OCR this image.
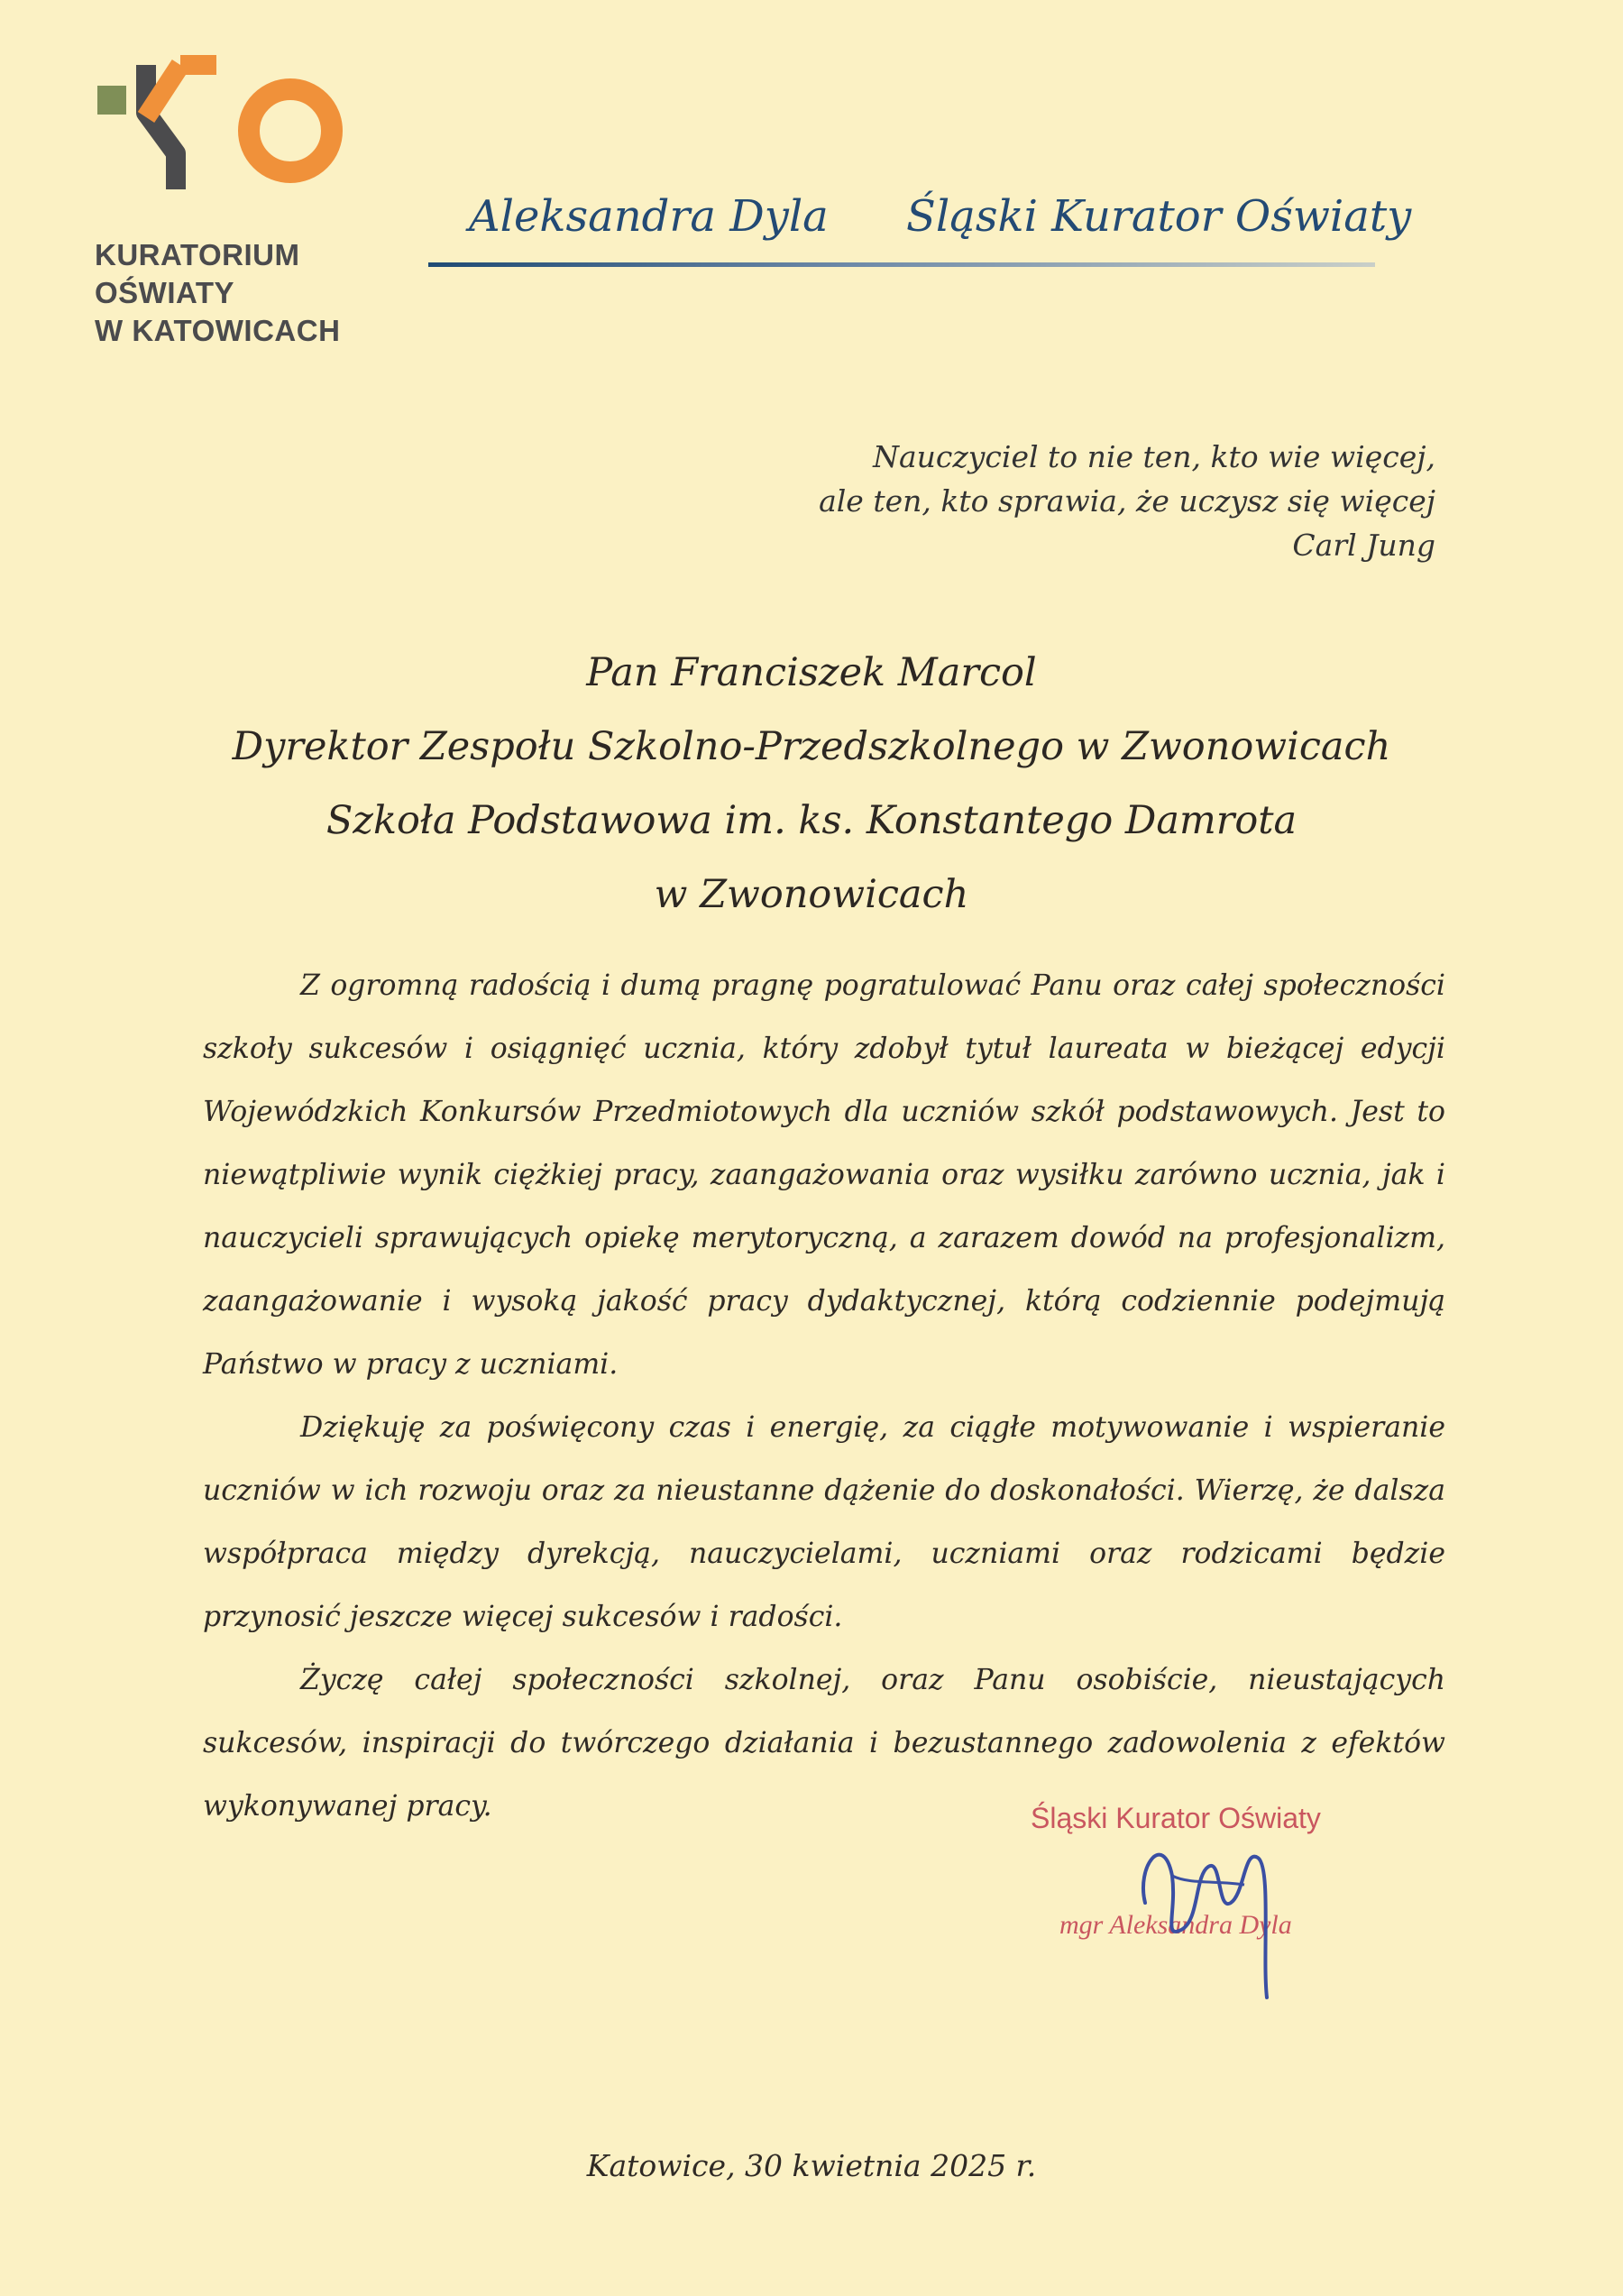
KURATORIUM
OŚWIATY
W KATOWICACH
Aleksandra Dyla Śląski Kurator Oświaty
Nauczyciel to nie ten, kto wie więcej,
ale ten, kto sprawia, że uczysz się więcej
Carl Jung
Pan Franciszek Marcol
Dyrektor Zespołu Szkolno-Przedszkolnego w Zwonowicach
Szkoła Podstawowa im. ks. Konstantego Damrota
w Zwonowicach

Z ogromną radością i dumą pragnę pogratulować Panu oraz całej społeczności szkoły sukcesów i osiągnięć ucznia, który zdobył tytuł laureata w bieżącej edycji Wojewódzkich Konkursów Przedmiotowych dla uczniów szkół podstawowych. Jest to niewątpliwie wynik ciężkiej pracy, zaangażowania oraz wysiłku zarówno ucznia, jak i nauczycieli sprawujących opiekę merytoryczną, a zarazem dowód na profesjonalizm, zaangażowanie i wysoką jakość pracy dydaktycznej, którą codziennie podejmują Państwo w pracy z uczniami.

Dziękuję za poświęcony czas i energię, za ciągłe motywowanie i wspieranie uczniów w ich rozwoju oraz za nieustanne dążenie do doskonałości. Wierzę, że dalsza współpraca między dyrekcją, nauczycielami, uczniami oraz rodzicami będzie przynosić jeszcze więcej sukcesów i radości.

Życzę całej społeczności szkolnej, oraz Panu osobiście, nieustających sukcesów, inspiracji do twórczego działania i bezustannego zadowolenia z efektów wykonywanej pracy.	Śląski Kurator Oświaty
mgr Aleksandra Dyla
Katowice, 30 kwietnia 2025 r.
